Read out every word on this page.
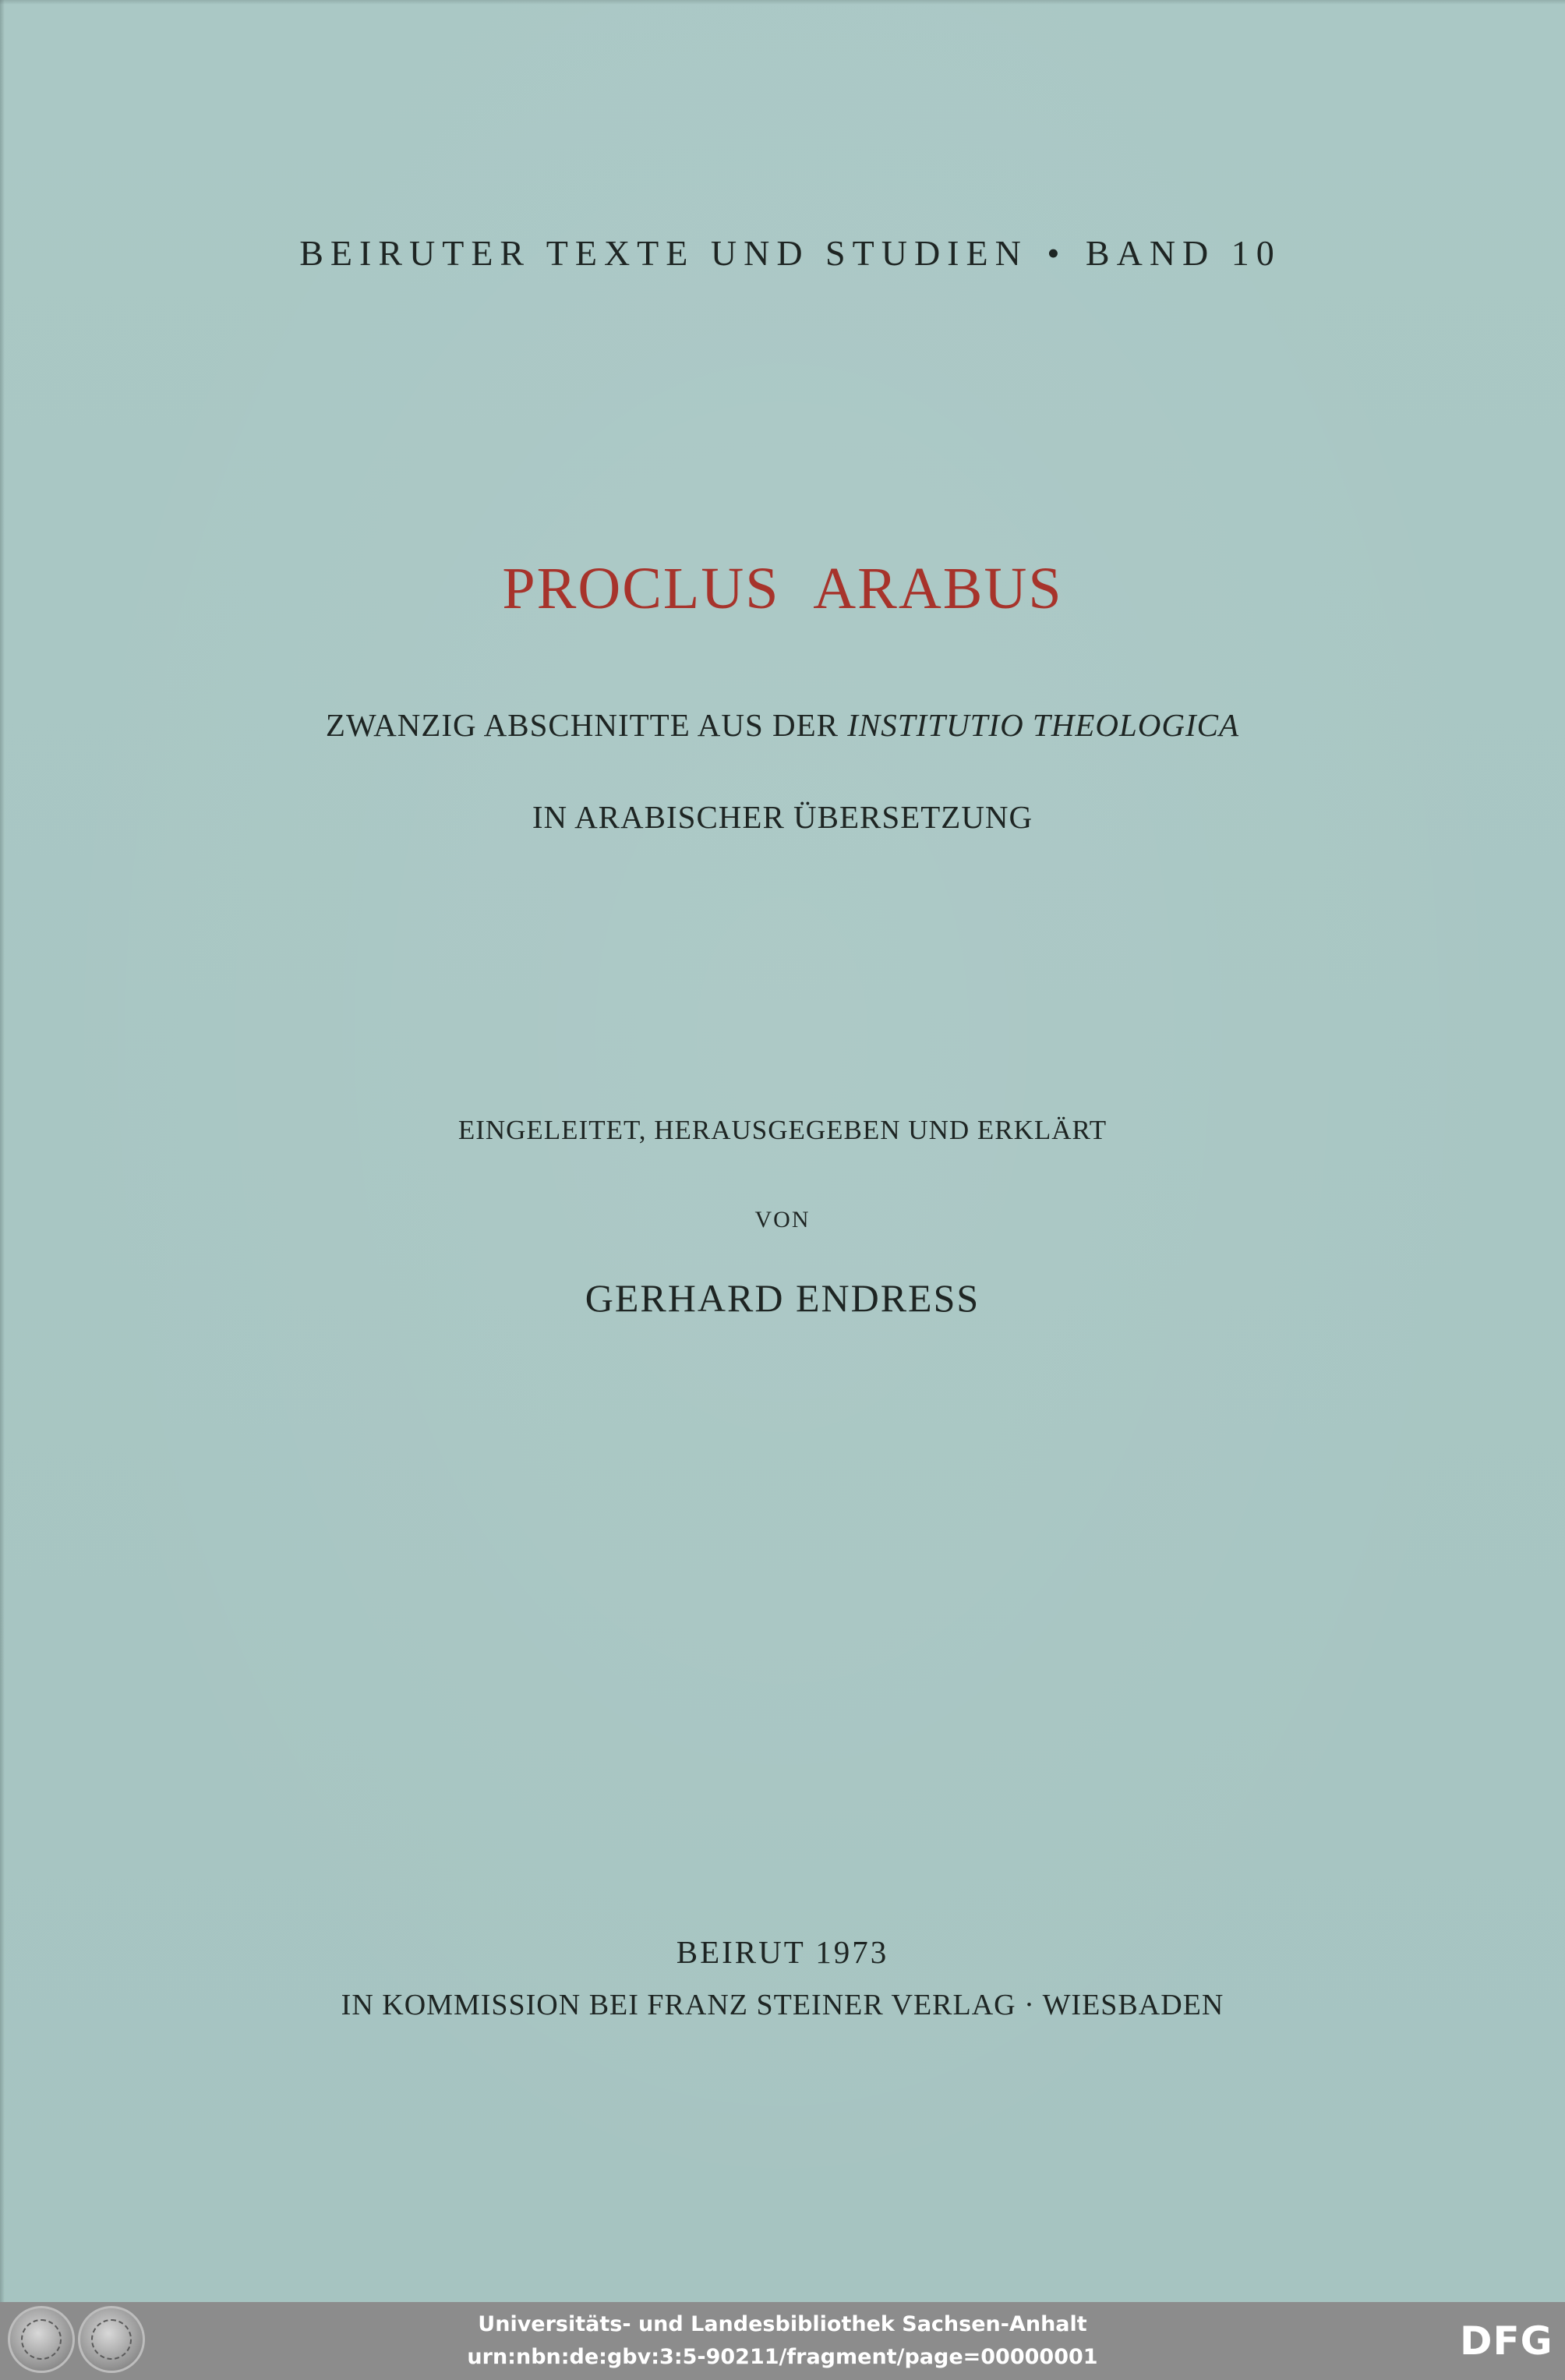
BEIRUTER TEXTE UND STUDIEN • BAND 10
PROCLUS ARABUS
ZWANZIG ABSCHNITTE AUS DER INSTITUTIO THEOLOGICA
IN ARABISCHER ÜBERSETZUNG
EINGELEITET, HERAUSGEGEBEN UND ERKLÄRT
VON
GERHARD ENDRESS
BEIRUT 1973
IN KOMMISSION BEI FRANZ STEINER VERLAG · WIESBADEN
Universitäts- und Landesbibliothek Sachsen-Anhalt
urn:nbn:de:gbv:3:5-90211/fragment/page=00000001	DFG
